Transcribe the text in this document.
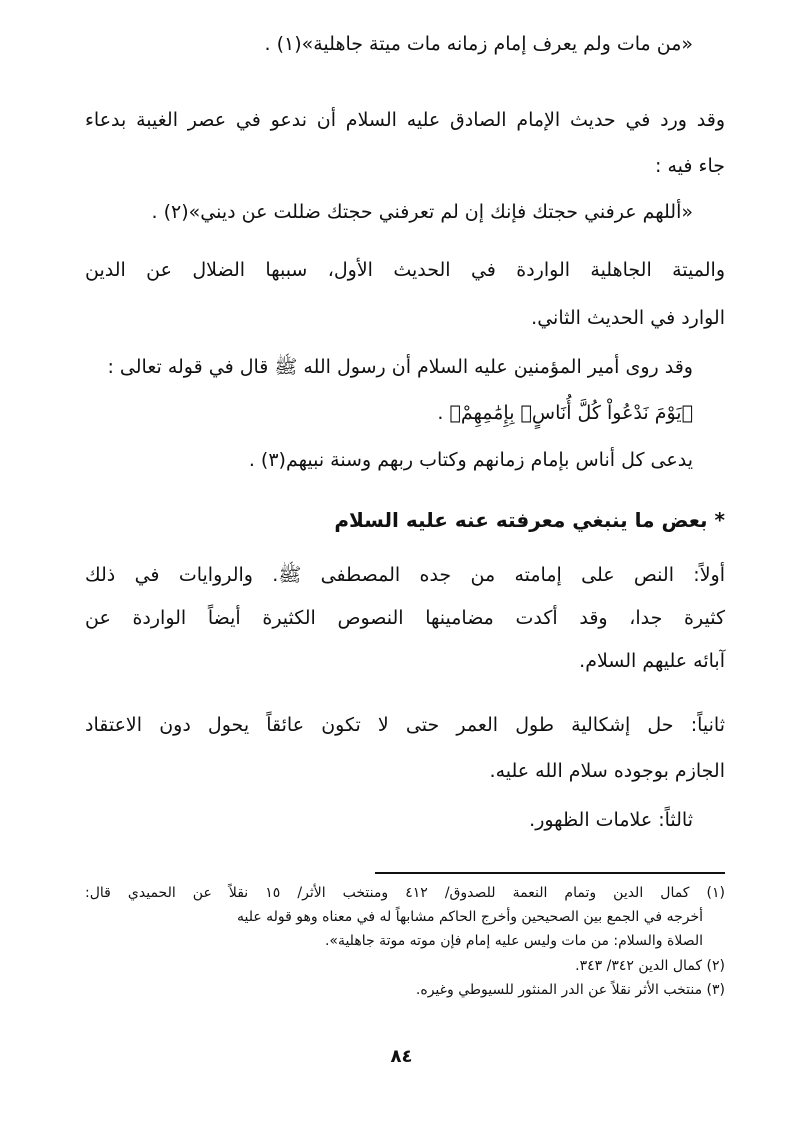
«من مات ولم يعرف إمام زمانه مات ميتة جاهلية»(١) .
وقد ورد في حديث الإمام الصادق عليه السلام أن ندعو في عصر الغيبة بدعاء
جاء فيه :
«أللهم عرفني حجتك فإنك إن لم تعرفني حجتك ضللت عن ديني»(٢) .
والميتة الجاهلية الواردة في الحديث الأول، سببها الضلال عن الدين
الوارد في الحديث الثاني.
وقد روى أمير المؤمنين عليه السلام أن رسول الله ﷺ قال في قوله تعالى :
﴿يَوْمَ نَدْعُواْ كُلَّ أُنَاسٍۭ بِإِمَٰمِهِمْ﴾ .
يدعى كل أناس بإمام زمانهم وكتاب ربهم وسنة نبيهم(٣) .
* بعض ما ينبغي معرفته عنه عليه السلام
أولاً: النص على إمامته من جده المصطفى ﷺ. والروايات في ذلك
كثيرة جدا، وقد أكدت مضامينها النصوص الكثيرة أيضاً الواردة عن
آبائه عليهم السلام.
ثانياً: حل إشكالية طول العمر حتى لا تكون عائقاً يحول دون الاعتقاد
الجازم بوجوده سلام الله عليه.
ثالثاً: علامات الظهور.
(١) كمال الدين وتمام النعمة للصدوق/ ٤١٢ ومنتخب الأثر/ ١٥ نقلاً عن الحميدي قال:
أخرجه في الجمع بين الصحيحين وأخرج الحاكم مشابهاً له في معناه وهو قوله عليه
الصلاة والسلام: من مات وليس عليه إمام فإن موته موتة جاهلية».
(٢) كمال الدين ٣٤٢/ ٣٤٣.
(٣) منتخب الأثر نقلاً عن الدر المنثور للسيوطي وغيره.
٨٤
